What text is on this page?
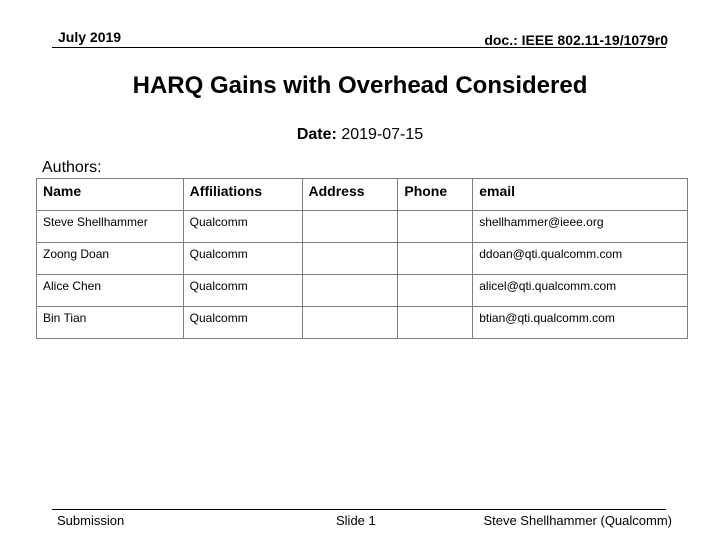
July 2019	doc.: IEEE 802.11-19/1079r0
HARQ Gains with Overhead Considered
Date: 2019-07-15
Authors:
Name	Affiliations	Address	Phone	email
Steve Shellhammer	Qualcomm			shellhammer@ieee.org
Zoong Doan	Qualcomm			ddoan@qti.qualcomm.com
Alice Chen	Qualcomm			alicel@qti.qualcomm.com
Bin Tian	Qualcomm			btian@qti.qualcomm.com
Submission	Slide 1	Steve Shellhammer (Qualcomm)
